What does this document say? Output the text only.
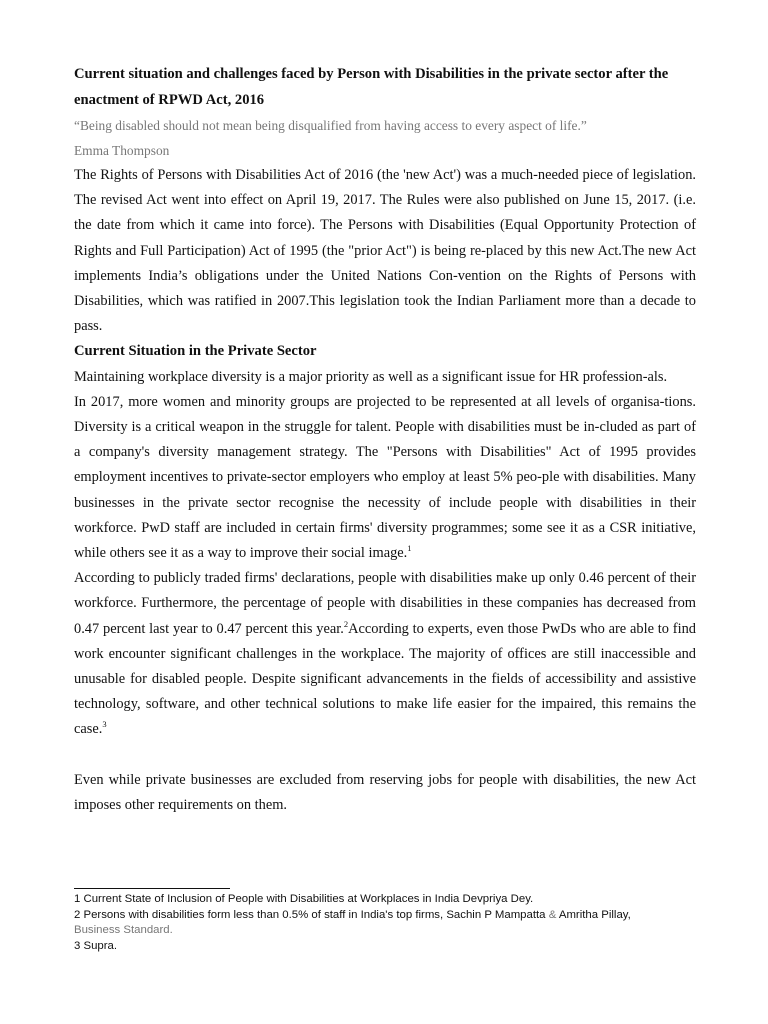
Current situation and challenges faced by Person with Disabilities in the private sector after the enactment of RPWD Act, 2016

“Being disabled should not mean being disqualified from having access to every aspect of life.”

Emma Thompson

The Rights of Persons with Disabilities Act of 2016 (the 'new Act') was a much-needed piece of legislation. The revised Act went into effect on April 19, 2017. The Rules were also published on June 15, 2017. (i.e. the date from which it came into force). The Persons with Disabilities (Equal Opportunity Protection of Rights and Full Participation) Act of 1995 (the "prior Act") is being re-placed by this new Act.The new Act implements India’s obligations under the United Nations Con-vention on the Rights of Persons with Disabilities, which was ratified in 2007.This legislation took the Indian Parliament more than a decade to pass.

Current Situation in the Private Sector

Maintaining workplace diversity is a major priority as well as a significant issue for HR profession-als.

In 2017, more women and minority groups are projected to be represented at all levels of organisa-tions. Diversity is a critical weapon in the struggle for talent. People with disabilities must be in-cluded as part of a company's diversity management strategy. The "Persons with Disabilities" Act of 1995 provides employment incentives to private-sector employers who employ at least 5% peo-ple with disabilities. Many businesses in the private sector recognise the necessity of include people with disabilities in their workforce. PwD staff are included in certain firms' diversity programmes; some see it as a CSR initiative, while others see it as a way to improve their social image.$^1$
According to publicly traded firms' declarations, people with disabilities make up only 0.46 percent of their workforce. Furthermore, the percentage of people with disabilities in these companies has decreased from 0.47 percent last year to 0.47 percent this year.$^2$According to experts, even those PwDs who are able to find work encounter significant challenges in the workplace. The majority of offices are still inaccessible and unusable for disabled people. Despite significant advancements in the fields of accessibility and assistive technology, software, and other technical solutions to make life easier for the impaired, this remains the case.$^3$

Even while private businesses are excluded from reserving jobs for people with disabilities, the new Act imposes other requirements on them.

1 Current State of Inclusion of People with Disabilities at Workplaces in India Devpriya Dey.

2 Persons with disabilities form less than 0.5% of staff in India's top firms, Sachin P Mampatta & Amritha Pillay, Business Standard.

3 Supra.
